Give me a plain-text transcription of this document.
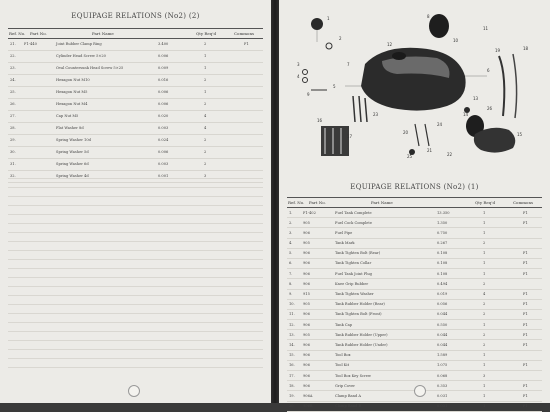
EQUIPAGE RELATIONS (No2) (2)
Ref. No. Part No.	Part Name	Qty Req'd	Commons
21. F1-440	Joint Rubber Clamp Ring	3.400	2	F1
22.	Cylinder Head Screw 5×20	0.006	1
23.	Oval Countersunk Head Screw 5×25	0.009	1
24.	Hexagon Nut M10	0.016	2
25.	Hexagon Nut M5	0.006	1
26.	Hexagon Nut M4	0.006	2
27.	Cap Nut M5	0.020	4
28.	Flat Washer 8d	0.003	4
29.	Spring Washer 10d	0.024	2
30.	Spring Washer 5d	0.006	2
31.	Spring Washer 6d	0.003	2
32.	Spring Washer 4d	0.001	3
1
2
3
4
5
6
7
8
9
10
11
12
13
14
15
16
17
18
19
20
21
22
23
24
25
26
EQUIPAGE RELATIONS (No2) (1)
Ref. No. Part No.	Part Name	Qty Req'd	Commons
1.	F1-402	Fuel Tank Complete	13.350	1	F1
2.	905	Fuel Cock Complete	1.350	1	F1
3.	906	Fuel Pipe	0.750	1
4.	905	Tank Mark	0.267	2
5.	906	Tank Tighten Bolt (Rear)	0.108	1	F1
6.	906	Tank Tighten Collar	0.108	1	F1
7.	906	Fuel Tank Joint Plug	0.108	1	F1
8.	906	Knee Grip Rubber	0.494	2
9.	915	Tank Tighten Washer	0.019	4	F1
10. 905	Tank Rubber Holder (Rear)	0.056	2	F1
11. 906	Tank Tighten Bolt (Front)	0.044	2	F1
12. 906	Tank Cap	0.550	1	F1
13. 905	Tank Rubber Holder (Upper)	0.044	2	F1
14. 906	Tank Rubber Holder (Under)	0.044	2	F1
15. 906	Tool Box	1.589	1
16. 906	Tool Kit	1.075	1	F1
17. 906	Tool Box Key Screw	0.068	3
18. 906	Grip Cover	0.353	1	F1
19. 906A	Clamp Band A	0.031	1	F1
20. 906B	Clamp Band B	0.031	1	F1
